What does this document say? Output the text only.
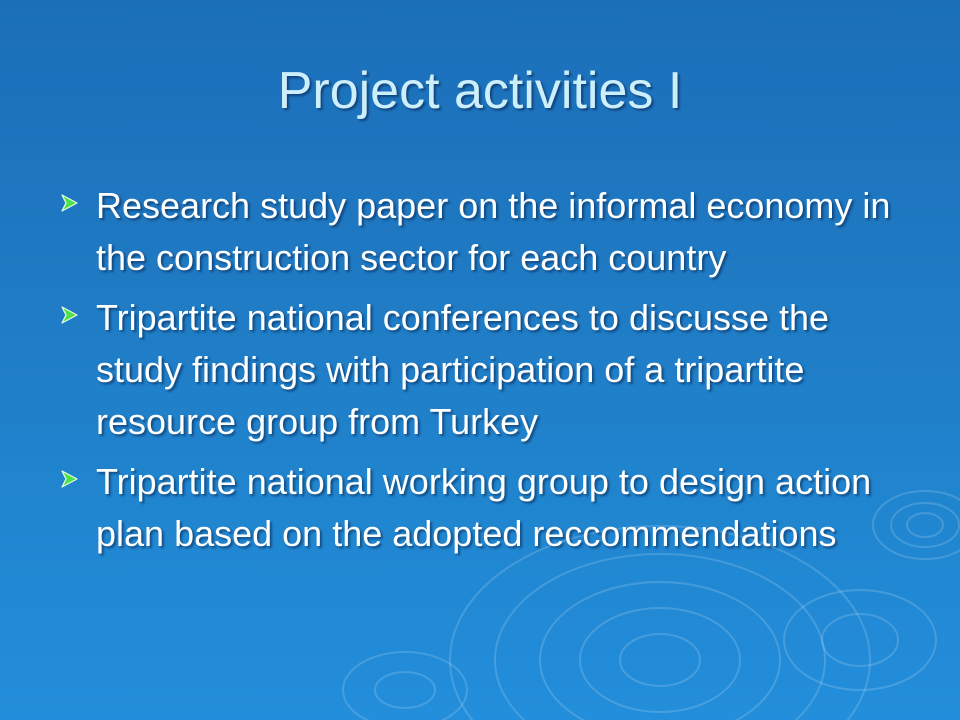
Project activities I
Research study paper on the informal economy in the construction sector for each country
Tripartite national conferences to discusse the study findings with participation of a tripartite resource group from Turkey
Tripartite national working group to design action plan based on the adopted reccommendations
